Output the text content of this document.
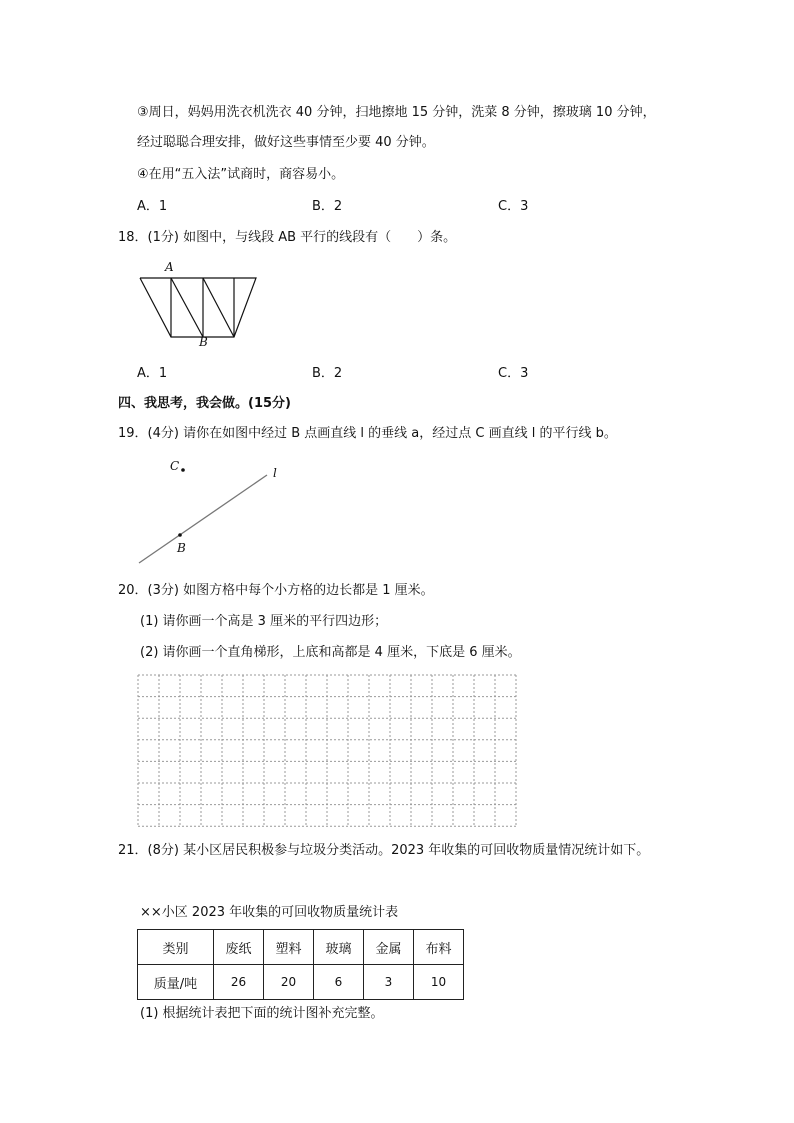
③周日，妈妈用洗衣机洗衣 40 分钟，扫地擦地 15 分钟，洗菜 8 分钟，擦玻璃 10 分钟，
经过聪聪合理安排，做好这些事情至少要 40 分钟。
④在用“五入法”试商时，商容易小。
A．1	B．2	C．3
18．(1分) 如图中，与线段 AB 平行的线段有（　　）条。
A
B
A．1	B．2	C．3
四、我思考，我会做。(15分)
19．(4分) 请你在如图中经过 B 点画直线 l 的垂线 a，经过点 C 画直线 l 的平行线 b。
C	l
B
20．(3分) 如图方格中每个小方格的边长都是 1 厘米。
(1) 请你画一个高是 3 厘米的平行四边形；
(2) 请你画一个直角梯形，上底和高都是 4 厘米，下底是 6 厘米。
21．(8分) 某小区居民积极参与垃圾分类活动。2023 年收集的可回收物质量情况统计如下。
××小区 2023 年收集的可回收物质量统计表
类别	废纸	塑料	玻璃	金属	布料
质量/吨	26	20	6	3	10
(1) 根据统计表把下面的统计图补充完整。
